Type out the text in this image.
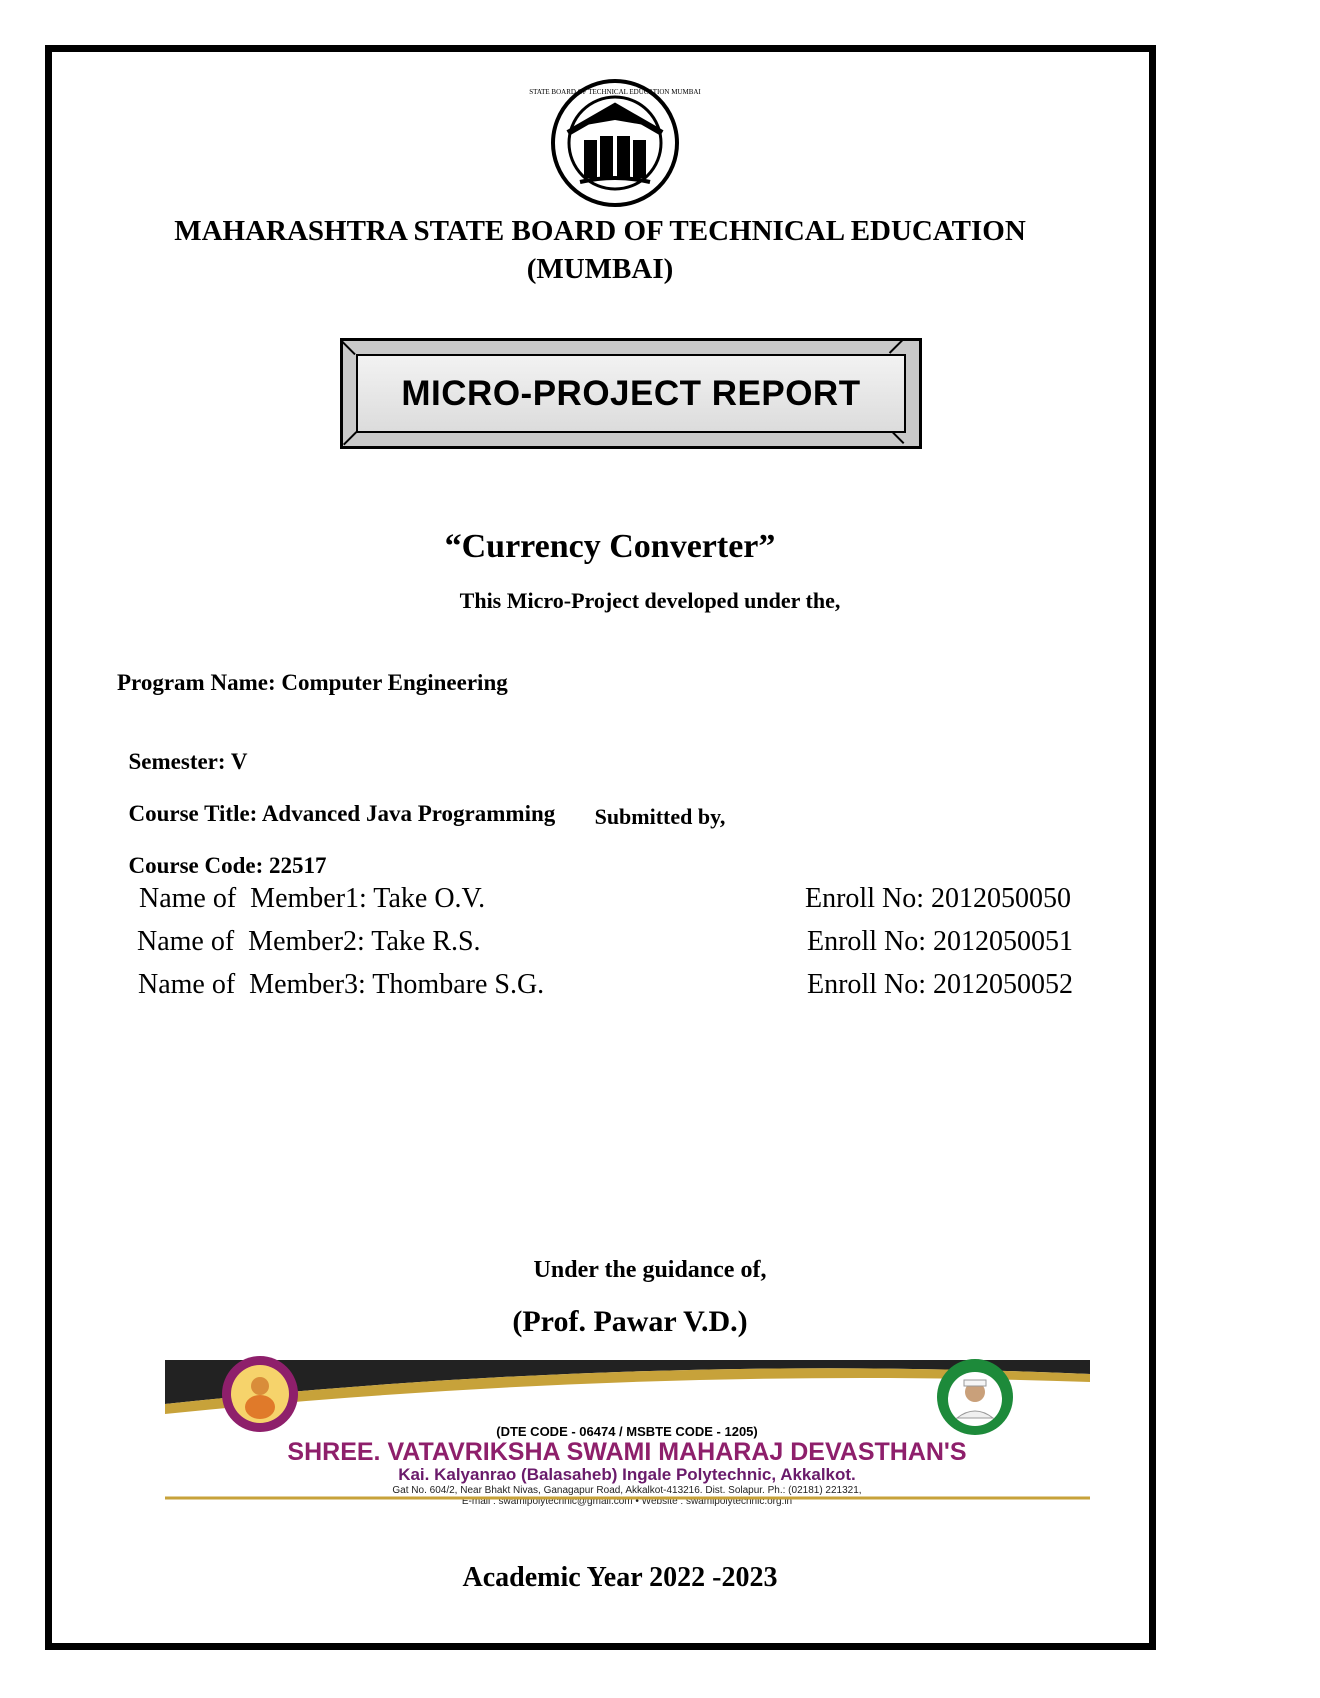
STATE BOARD OF TECHNICAL EDUCATION MUMBAI
MAHARASHTRA STATE BOARD OF TECHNICAL EDUCATION
(MUMBAI)
MICRO-PROJECT REPORT
“Currency Converter”
This Micro-Project developed under the,
Program Name: Computer Engineering

Semester: V

Course Title: Advanced Java Programming

Course Code: 22517

Submitted by,
Name of  Member1: Take O.V.	Enroll No: 2012050050
Name of  Member2: Take R.S.	Enroll No: 2012050051
Name of  Member3: Thombare S.G.	Enroll No: 2012050052
Under the guidance of,
(Prof. Pawar V.D.)
(DTE CODE - 06474 / MSBTE CODE - 1205)
SHREE. VATAVRIKSHA SWAMI MAHARAJ DEVASTHAN'S
Kai. Kalyanrao (Balasaheb) Ingale Polytechnic, Akkalkot.
Gat No. 604/2, Near Bhakt Nivas, Ganagapur Road, Akkalkot-413216. Dist. Solapur. Ph.: (02181) 221321,
E-mail : swamipolytechnic@gmail.com • Website : swamipolytechnic.org.in
Academic Year 2022 -2023
